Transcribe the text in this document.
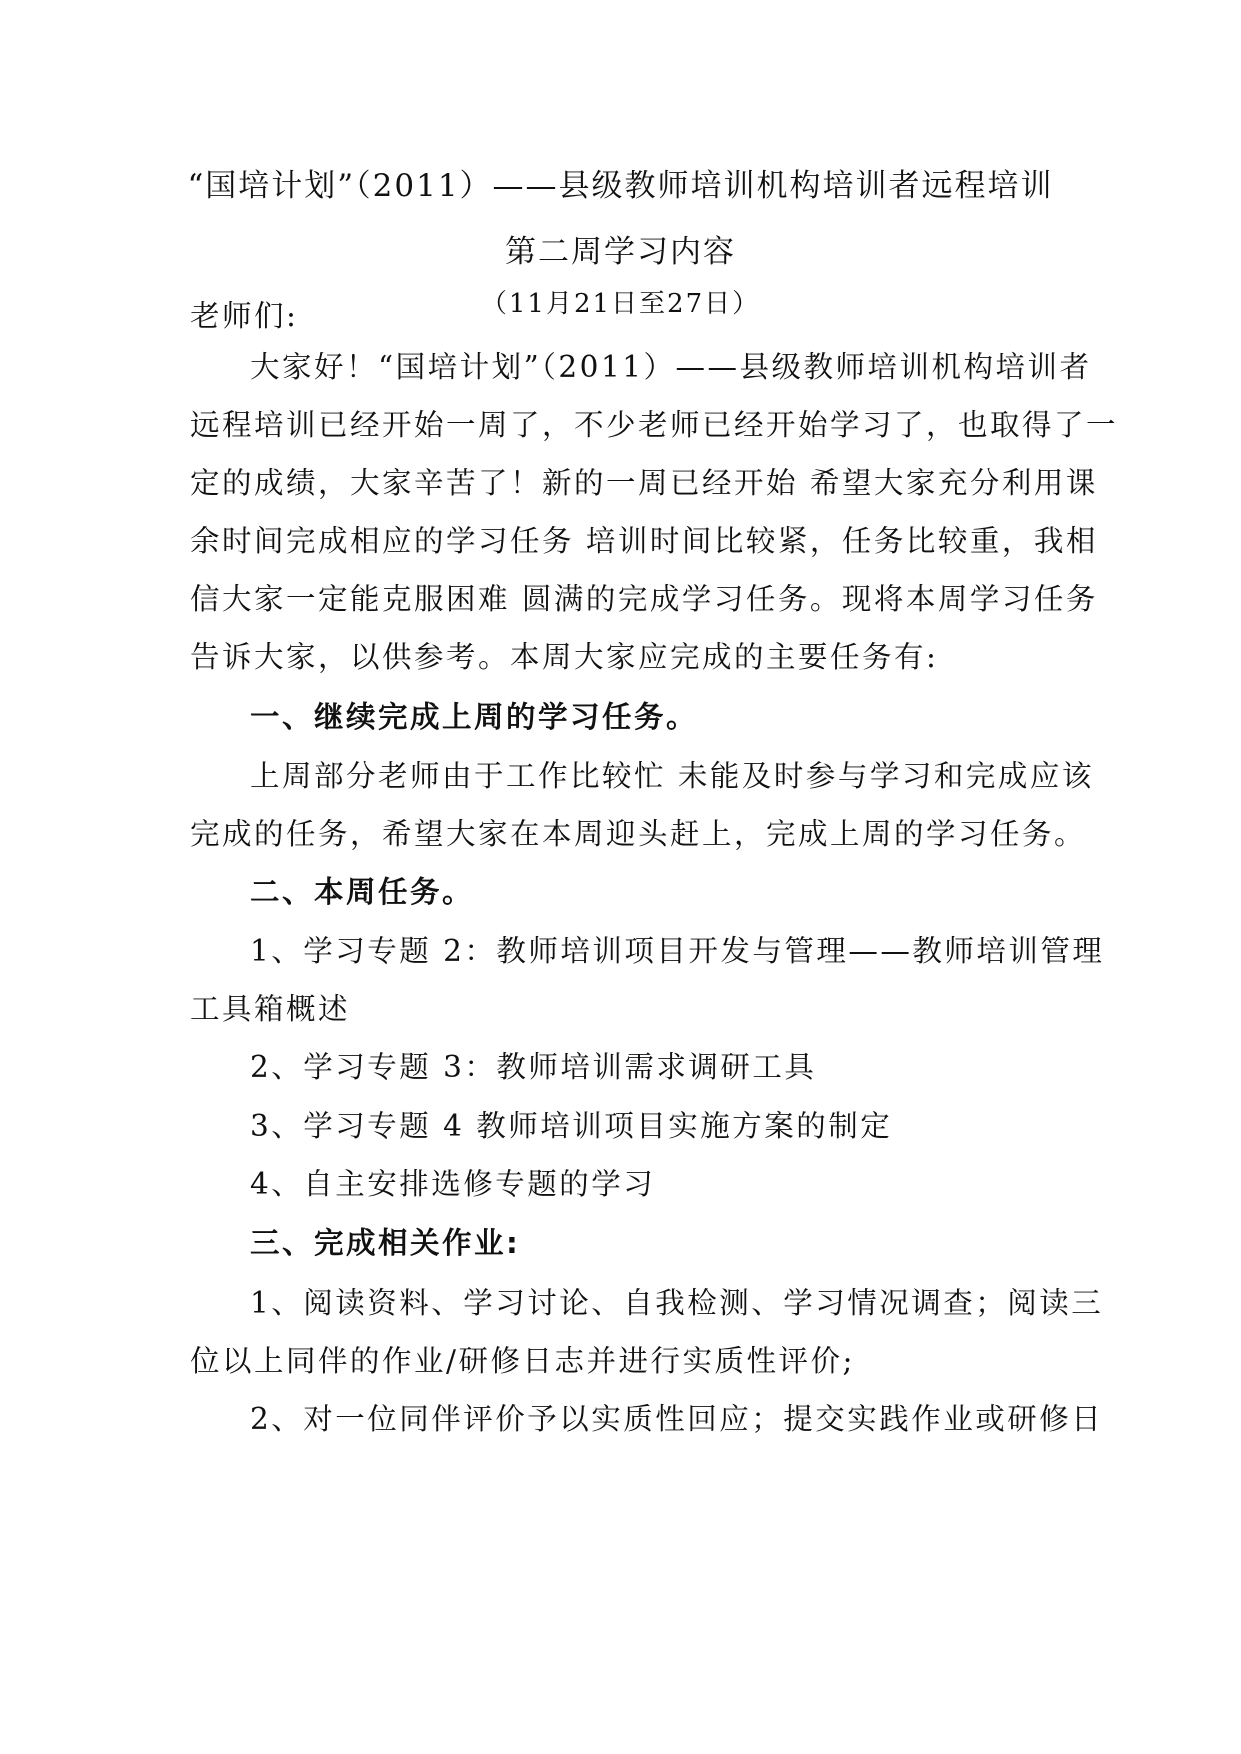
“国培计划”（2011）——县级教师培训机构培训者远程培训
第二周学习内容
（11月21日至27日）
老师们:
大家好！“国培计划”（2011）——县级教师培训机构培训者
远程培训已经开始一周了，不少老师已经开始学习了，也取得了一
定的成绩，大家辛苦了！新的一周已经开始 希望大家充分利用课
余时间完成相应的学习任务 培训时间比较紧，任务比较重，我相
信大家一定能克服困难 圆满的完成学习任务。现将本周学习任务
告诉大家，以供参考。本周大家应完成的主要任务有:
一、继续完成上周的学习任务。
上周部分老师由于工作比较忙 未能及时参与学习和完成应该
完成的任务，希望大家在本周迎头赶上，完成上周的学习任务。
二、本周任务。
1、学习专题 2：教师培训项目开发与管理——教师培训管理
工具箱概述
2、学习专题 3：教师培训需求调研工具
3、学习专题 4 教师培训项目实施方案的制定
4、自主安排选修专题的学习
三、完成相关作业:
1、阅读资料、学习讨论、自我检测、学习情况调查；阅读三
位以上同伴的作业/研修日志并进行实质性评价;
2、对一位同伴评价予以实质性回应；提交实践作业或研修日
